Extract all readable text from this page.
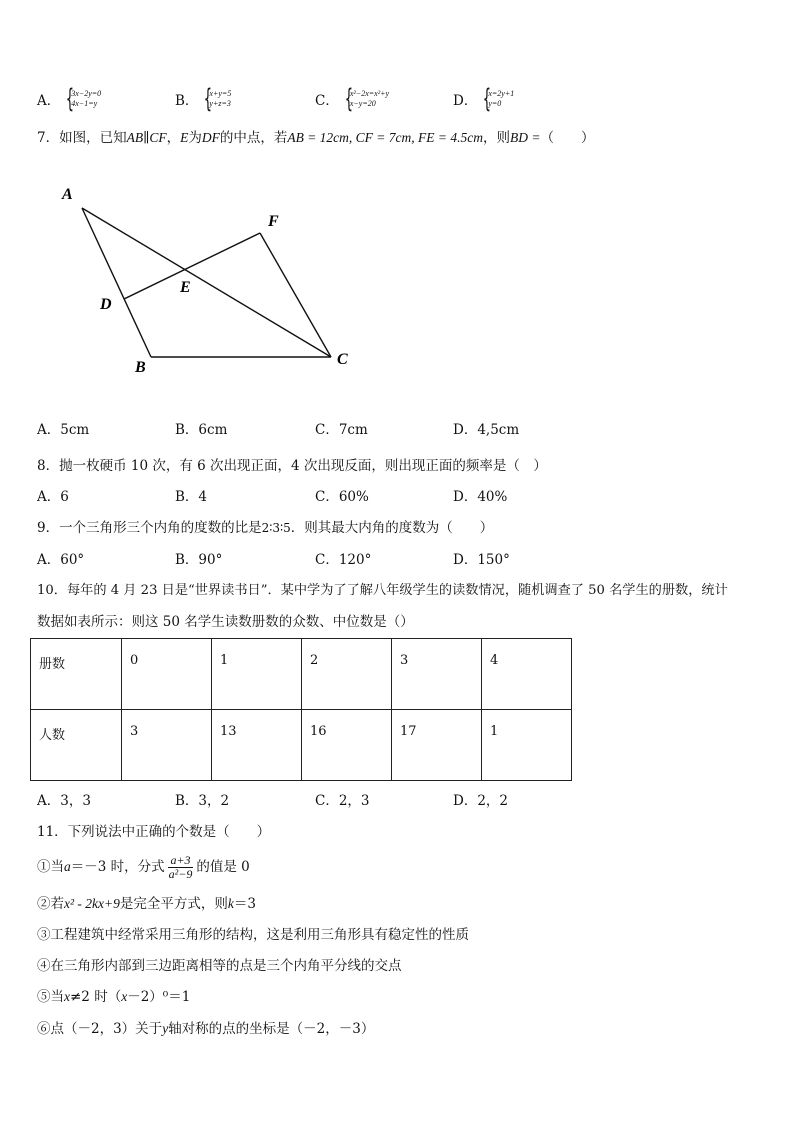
A． {
3x−2y=0
4x−1=y	B． {
x+y=5
y+z=3	C． {
x²−2x=x²+y
x−y=20	D． {
x=2y+1
y=0
7．如图，已知AB∥CF，E为DF的中点，若AB = 12cm, CF = 7cm, FE = 4.5cm，则BD =（　　）
A
F
E
D
B	C
A．5cm	B．6cm	C．7cm	D．4,5cm
8．抛一枚硬币 10 次，有 6 次出现正面，4 次出现反面，则出现正面的频率是（　）
A．6	B．4	C．60%	D．40%
9．一个三角形三个内角的度数的比是2∶3∶5．则其最大内角的度数为（　　）
A．60°	B．90°	C．120°	D．150°
10．每年的 4 月 23 日是“世界读书日”．某中学为了了解八年级学生的读数情况，随机调查了 50 名学生的册数，统计
数据如表所示：则这 50 名学生读数册数的众数、中位数是（）
册数	0	1	2	3	4
人数	3	13	16	17	1
A．3，3	B．3，2	C．2，3	D．2，2
11．下列说法中正确的个数是（　　）
①当a＝－3 时，分式 $\frac{a+3}{\text{a²−9}}$ 的值是 0
②若x² - 2kx+9是完全平方式，则k＝3
③工程建筑中经常采用三角形的结构，这是利用三角形具有稳定性的性质
④在三角形内部到三边距离相等的点是三个内角平分线的交点
⑤当x≠2 时（x－2）⁰＝1
⑥点（－2，3）关于y轴对称的点的坐标是（－2，－3）
